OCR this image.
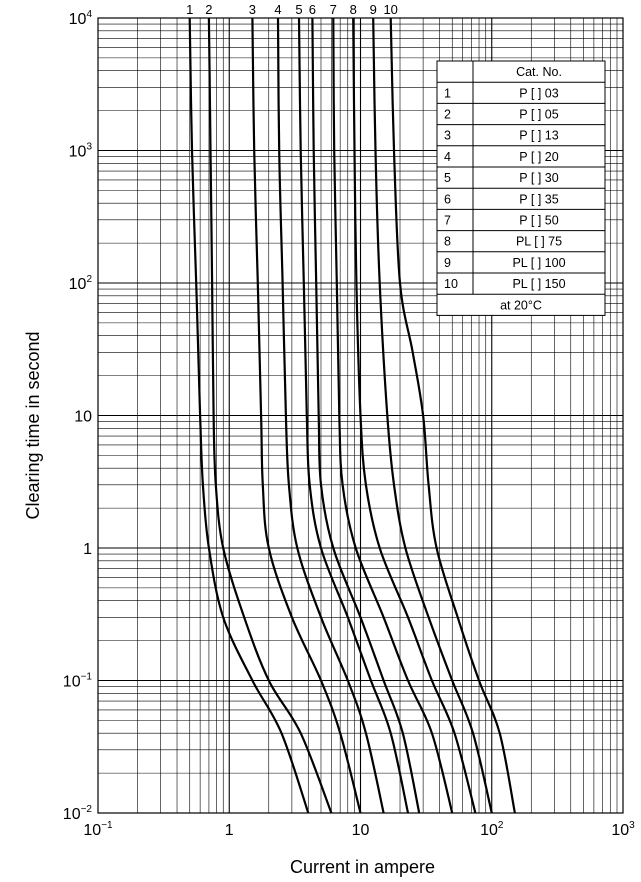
1 2	3 4 5 6 7 8 9 10
$10^{-1}$	1	10	$10^2$	$10^3$
$10^{-2}$
$10^{-1}$
1
10
$10^2$
$10^3$
$10^4$
Current in ampere
Clearing time in second
Cat. No.
1	P [ ] 03
2	P [ ] 05
3	P [ ] 13
4	P [ ] 20
5	P [ ] 30
6	P [ ] 35
7	P [ ] 50
8	PL [ ] 75
9	PL [ ] 100
10	PL [ ] 150
at 20°C
